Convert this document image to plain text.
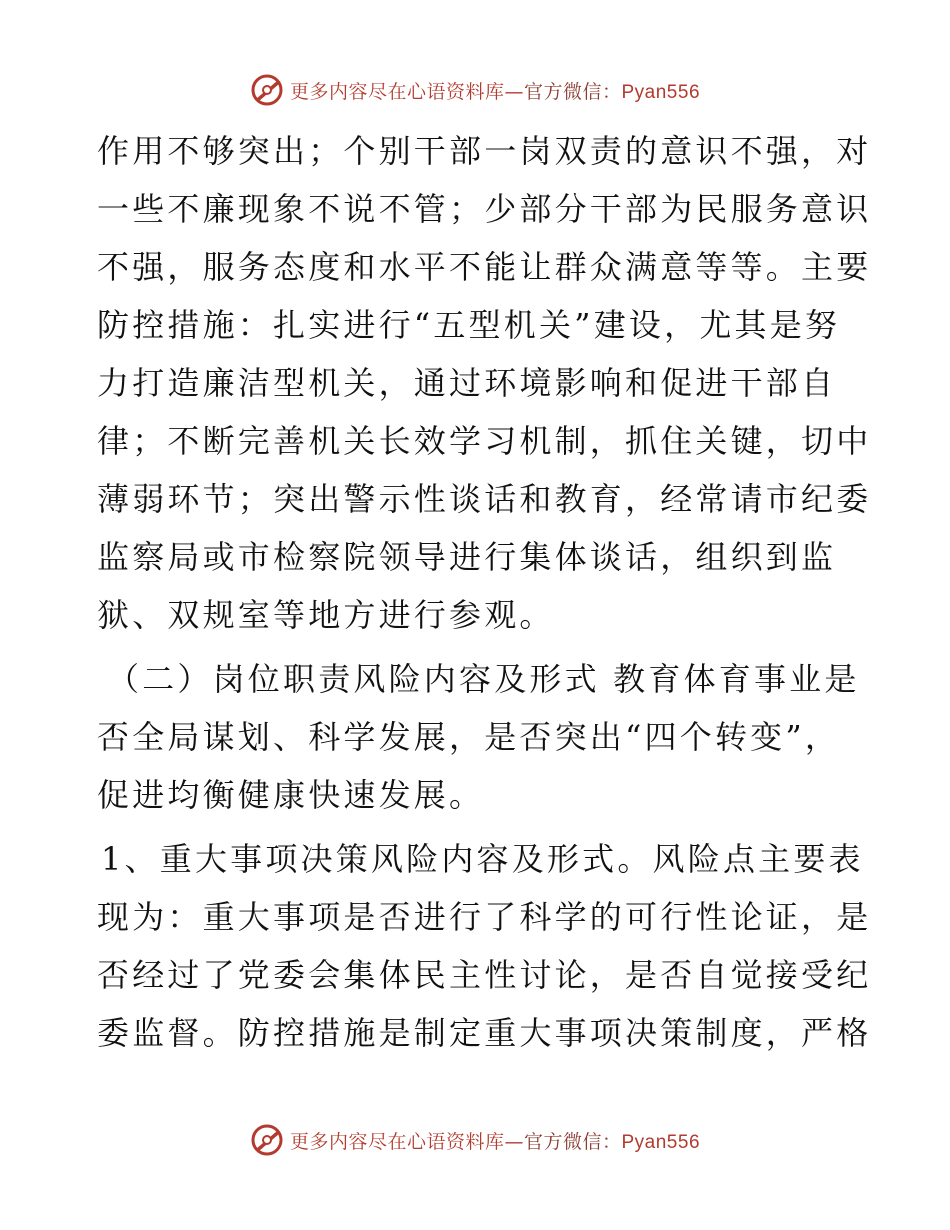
更多内容尽在心语资料库—官方微信：Pyan556
作用不够突出；个别干部一岗双责的意识不强，对
一些不廉现象不说不管；少部分干部为民服务意识
不强，服务态度和水平不能让群众满意等等。主要
防控措施：扎实进行“五型机关”建设，尤其是努
力打造廉洁型机关，通过环境影响和促进干部自
律；不断完善机关长效学习机制，抓住关键，切中
薄弱环节；突出警示性谈话和教育，经常请市纪委
监察局或市检察院领导进行集体谈话，组织到监
狱、双规室等地方进行参观。
（二）岗位职责风险内容及形式 教育体育事业是
否全局谋划、科学发展，是否突出“四个转变”，
促进均衡健康快速发展。
1、重大事项决策风险内容及形式。风险点主要表
现为：重大事项是否进行了科学的可行性论证，是
否经过了党委会集体民主性讨论，是否自觉接受纪
委监督。防控措施是制定重大事项决策制度，严格
更多内容尽在心语资料库—官方微信：Pyan556
